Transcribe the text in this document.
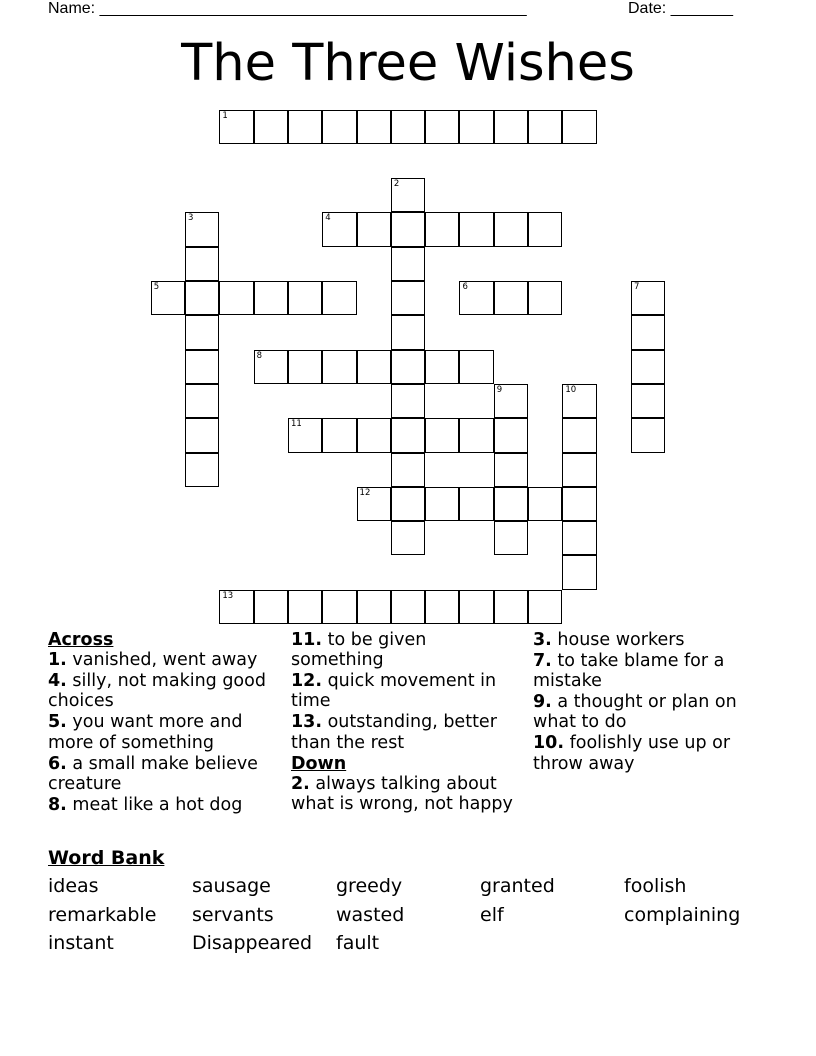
Name: ________________________________________________	Date: _______
The Three Wishes
1
2
3	4
5	6	7
8
9	10
11
12
13
Across
1. vanished, went away
4. silly, not making good choices
5. you want more and more of something
6. a small make believe creature
8. meat like a hot dog
11. to be given something
12. quick movement in time
13. outstanding, better than the rest
Down
2. always talking about what is wrong, not happy
3. house workers
7. to take blame for a mistake
9. a thought or plan on what to do
10. foolishly use up or throw away
Word Bank
ideas	sausage	greedy	granted	foolish
remarkable servants	wasted	elf	complaining
instant	Disappeared fault
